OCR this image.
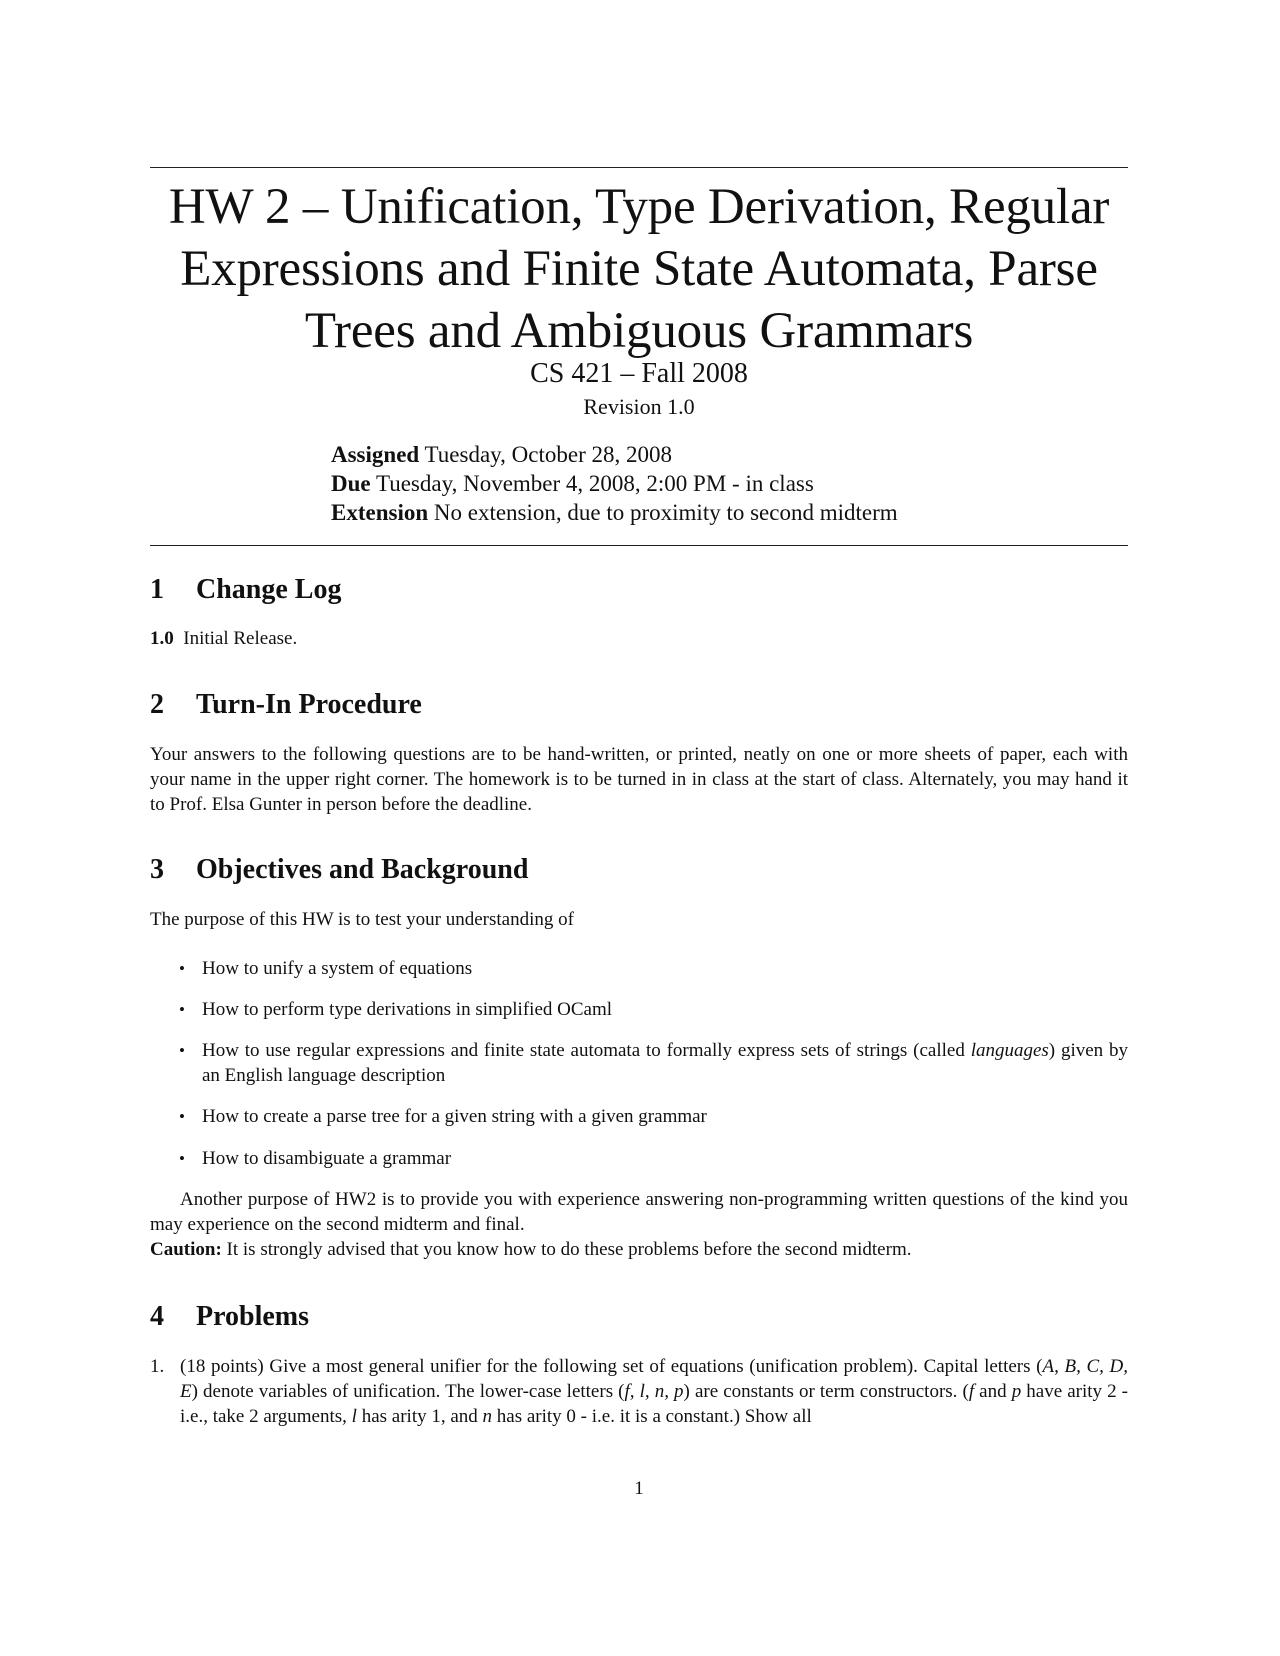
HW 2 – Unification, Type Derivation, Regular
Expressions and Finite State Automata, Parse
Trees and Ambiguous Grammars
CS 421 – Fall 2008
Revision 1.0
Assigned Tuesday, October 28, 2008
Due Tuesday, November 4, 2008, 2:00 PM - in class
Extension No extension, due to proximity to second midterm
1 Change Log
1.0 Initial Release.
2 Turn-In Procedure
Your answers to the following questions are to be hand-written, or printed, neatly on one or more sheets of paper, each with your name in the upper right corner. The homework is to be turned in in class at the start of class. Alternately, you may hand it to Prof. Elsa Gunter in person before the deadline.
3 Objectives and Background
The purpose of this HW is to test your understanding of
• How to unify a system of equations
• How to perform type derivations in simplified OCaml
• How to use regular expressions and finite state automata to formally express sets of strings (called languages) given by an English language description
• How to create a parse tree for a given string with a given grammar
• How to disambiguate a grammar
Another purpose of HW2 is to provide you with experience answering non-programming written questions of the kind you may experience on the second midterm and final.
Caution: It is strongly advised that you know how to do these problems before the second midterm.
4 Problems
1. (18 points) Give a most general unifier for the following set of equations (unification problem). Capital letters (A, B, C, D, E) denote variables of unification. The lower-case letters (f, l, n, p) are constants or term constructors. (f and p have arity 2 - i.e., take 2 arguments, l has arity 1, and n has arity 0 - i.e. it is a constant.) Show all
1
